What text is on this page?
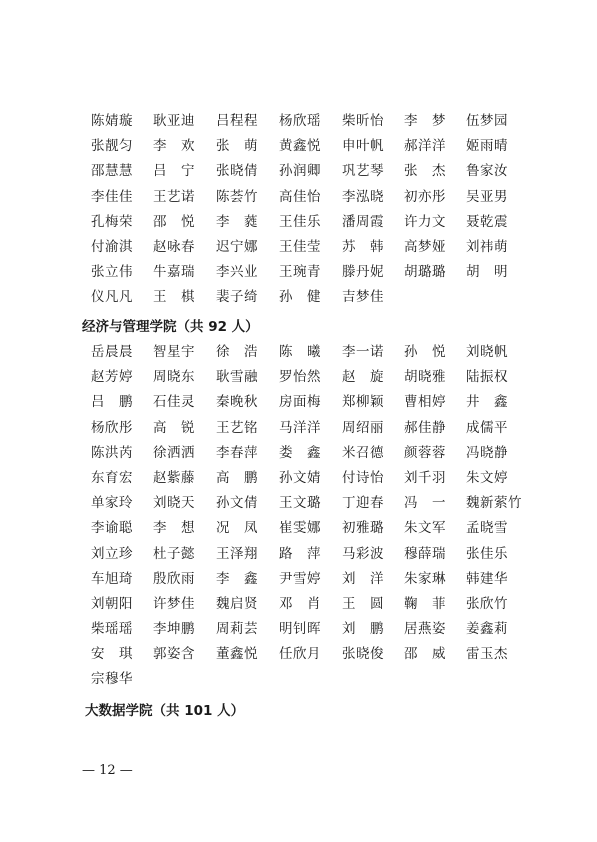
陈婧璇 耿亚迪 吕程程 杨欣瑶 柴昕怡 李　梦 伍梦园
张靓匀 李　欢 张　萌 黄鑫悦 申叶帆 郝洋洋 姬雨晴
邵慧慧 吕　宁 张晓倩 孙润卿 巩艺琴 张　杰 鲁家汝
李佳佳 王艺诺 陈荟竹 高佳怡 李泓晓 初亦彤 吴亚男
孔梅荣 邵　悦 李　蕤 王佳乐 潘周霞 许力文 聂乾震
付渝淇 赵咏春 迟宁娜 王佳莹 苏　韩 高梦娅 刘祎萌
张立伟 牛嘉瑞 李兴业 王琬青 滕丹妮 胡璐璐 胡　明
仪凡凡 王　棋 裴子绮 孙　健 吉梦佳
经济与管理学院（共 92 人）
岳晨晨 智星宇 徐　浩 陈　曦 李一诺 孙　悦 刘晓帆
赵芳婷 周晓东 耿雪融 罗怡然 赵　旋 胡晓雅 陆振权
吕　鹏 石佳灵 秦晚秋 房面梅 郑柳颖 曹相婷 井　鑫
杨欣彤 高　锐 王艺铭 马洋洋 周绍丽 郝佳静 成儒平
陈洪芮 徐洒洒 李春萍 娄　鑫 米召德 颜蓉蓉 冯晓静
东育宏 赵紫藤 高　鹏 孙文婧 付诗怡 刘千羽 朱文婷
单家玲 刘晓天 孙文倩 王文璐 丁迎春 冯　一 魏新萦竹
李谕聪 李　想 况　凤 崔雯娜 初雅璐 朱文军 孟晓雪
刘立珍 杜子懿 王泽翔 路　萍 马彩波 穆薛瑞 张佳乐
车旭琦 殷欣雨 李　鑫 尹雪婷 刘　洋 朱家琳 韩建华
刘朝阳 许梦佳 魏启贤 邓　肖 王　圆 鞠　菲 张欣竹
柴瑶瑶 李坤鹏 周莉芸 明钊晖 刘　鹏 居燕姿 姜鑫莉
安　琪 郭姿含 董鑫悦 任欣月 张晓俊 邵　威 雷玉杰
宗穆华
大数据学院（共 101 人）
— 12 —
